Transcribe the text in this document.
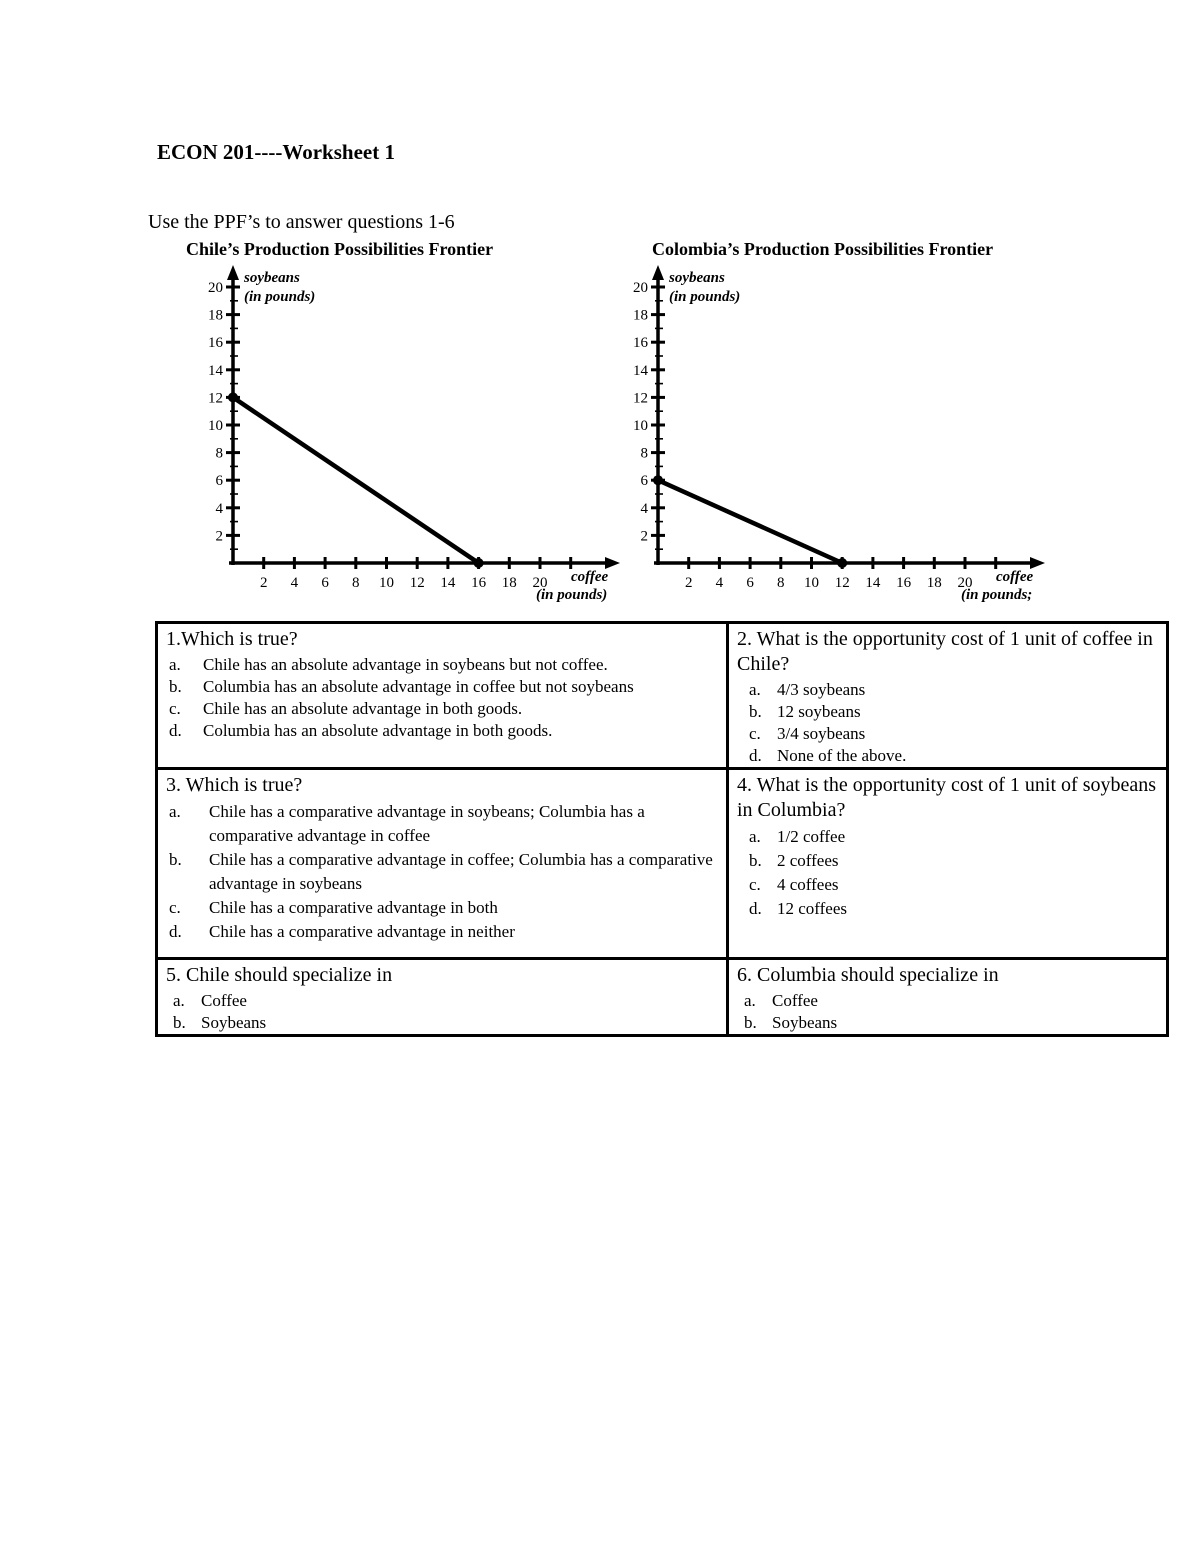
ECON 201----Worksheet 1
Use the PPF’s to answer questions 1-6
Chile’s Production Possibilities Frontier	Colombia’s Production Possibilities Frontier
2
4
6
8
10
12
14
16
18
20
2 4 6 8 10 12 14 16 18 20
soybeans
(in pounds)
coffee
(in pounds)
2
4
6
8
10
12
14
16
18
20
2 4 6 8 10 12 14 16 18 20
soybeans
(in pounds)
coffee
(in pounds;
1.Which is true?
a.	Chile has an absolute advantage in soybeans but not coffee.
b.	Columbia has an absolute advantage in coffee but not soybeans
c.	Chile has an absolute advantage in both goods.
d.	Columbia has an absolute advantage in both goods.

2. What is the opportunity cost of 1 unit of coffee in Chile?
a. 4/3 soybeans
b. 12 soybeans
c. 3/4 soybeans
d. None of the above.

3. Which is true?
a.	Chile has a comparative advantage in soybeans; Columbia has a comparative advantage in coffee
b.	Chile has a comparative advantage in coffee; Columbia has a comparative advantage in soybeans
c.	Chile has a comparative advantage in both
d.	Chile has a comparative advantage in neither

4. What is the opportunity cost of 1 unit of soybeans in Columbia?
a. 1/2 coffee
b. 2 coffees
c. 4 coffees
d. 12 coffees

5. Chile should specialize in
a. Coffee
b. Soybeans

6. Columbia should specialize in
a. Coffee
b. Soybeans
